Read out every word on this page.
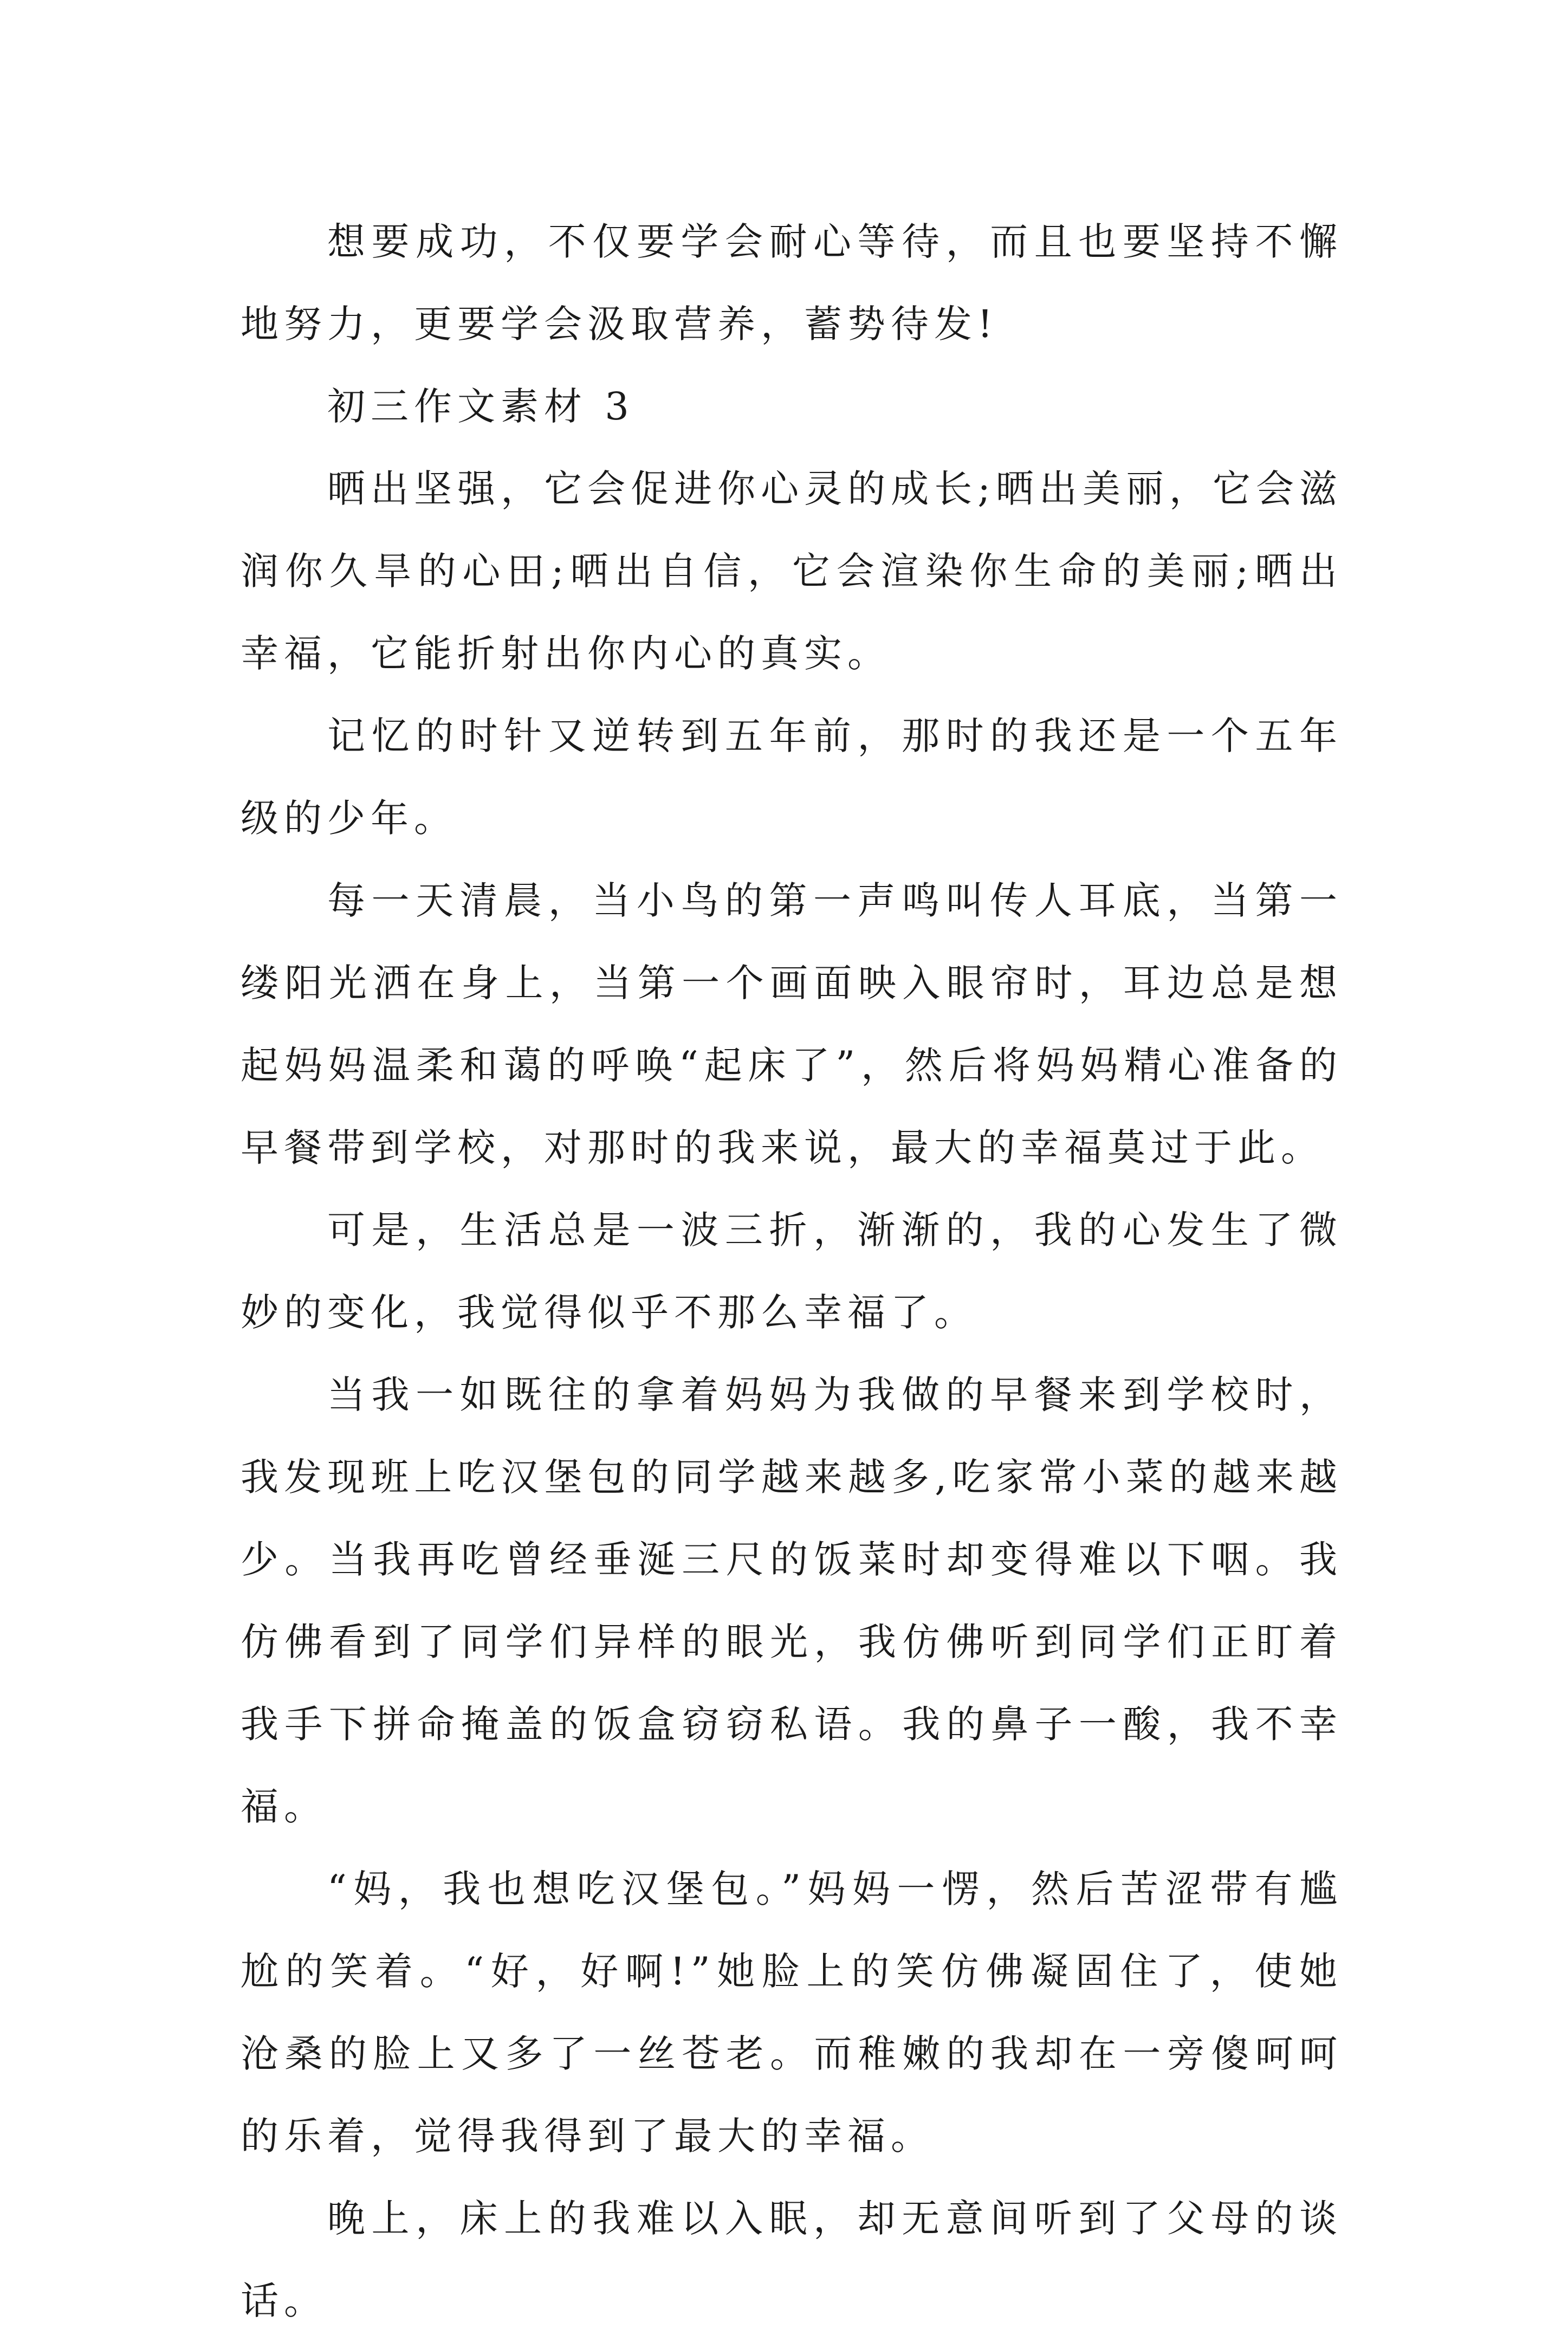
想要成功，不仅要学会耐心等待，而且也要坚持不懈地努力，更要学会汲取营养，蓄势待发!

初三作文素材 3

晒出坚强，它会促进你心灵的成长;晒出美丽，它会滋润你久旱的心田;晒出自信，它会渲染你生命的美丽;晒出幸福，它能折射出你内心的真实。

记忆的时针又逆转到五年前，那时的我还是一个五年级的少年。

每一天清晨，当小鸟的第一声鸣叫传人耳底，当第一缕阳光洒在身上，当第一个画面映入眼帘时，耳边总是想起妈妈温柔和蔼的呼唤“起床了”，然后将妈妈精心准备的早餐带到学校，对那时的我来说，最大的幸福莫过于此。

可是，生活总是一波三折，渐渐的，我的心发生了微妙的变化，我觉得似乎不那么幸福了。

当我一如既往的拿着妈妈为我做的早餐来到学校时，我发现班上吃汉堡包的同学越来越多,吃家常小菜的越来越少。当我再吃曾经垂涎三尺的饭菜时却变得难以下咽。我仿佛看到了同学们异样的眼光，我仿佛听到同学们正盯着我手下拼命掩盖的饭盒窃窃私语。我的鼻子一酸，我不幸福。

“妈，我也想吃汉堡包。”妈妈一愣，然后苦涩带有尴尬的笑着。“好，好啊!”她脸上的笑仿佛凝固住了，使她沧桑的脸上又多了一丝苍老。而稚嫩的我却在一旁傻呵呵的乐着，觉得我得到了最大的幸福。

晚上，床上的我难以入眠，却无意间听到了父母的谈话。
